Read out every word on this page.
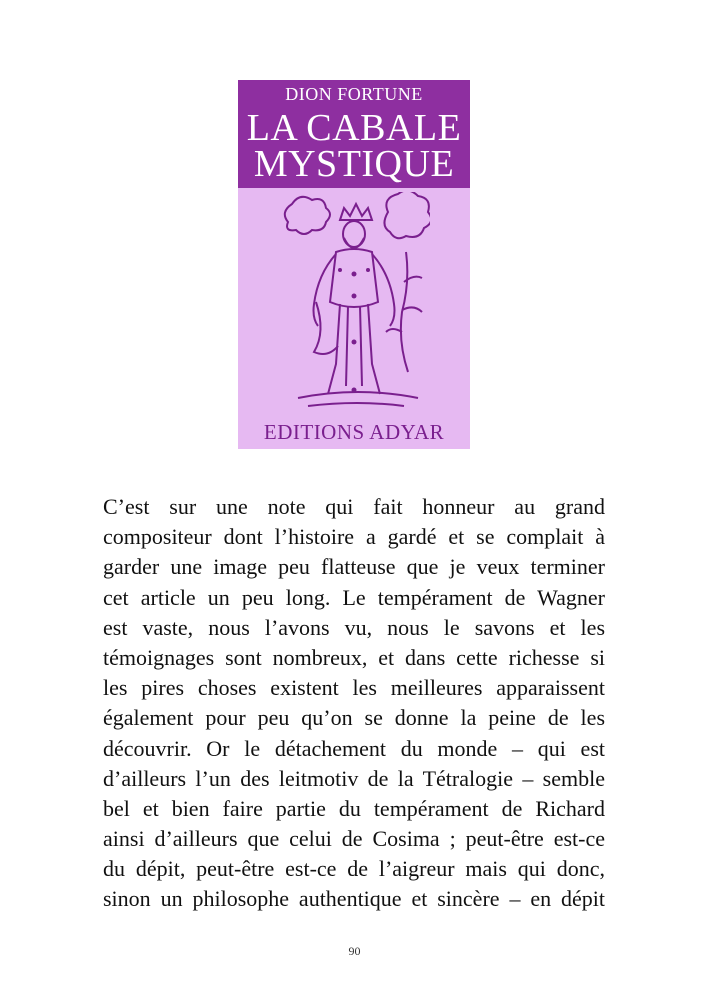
DION FORTUNE
LA CABALE
MYSTIQUE
EDITIONS ADYAR
C’est sur une note qui fait honneur au grand
compositeur dont l’histoire a gardé et se complait à
garder une image peu flatteuse que je veux terminer
cet article un peu long. Le tempérament de Wagner
est vaste, nous l’avons vu, nous le savons et les
témoignages sont nombreux, et dans cette richesse si
les pires choses existent les meilleures apparaissent
également pour peu qu’on se donne la peine de les
découvrir. Or le détachement du monde – qui est
d’ailleurs l’un des leitmotiv de la Tétralogie – semble
bel et bien faire partie du tempérament de Richard
ainsi d’ailleurs que celui de Cosima ; peut-être est-ce
du dépit, peut-être est-ce de l’aigreur mais qui donc,
sinon un philosophe authentique et sincère – en dépit
90
